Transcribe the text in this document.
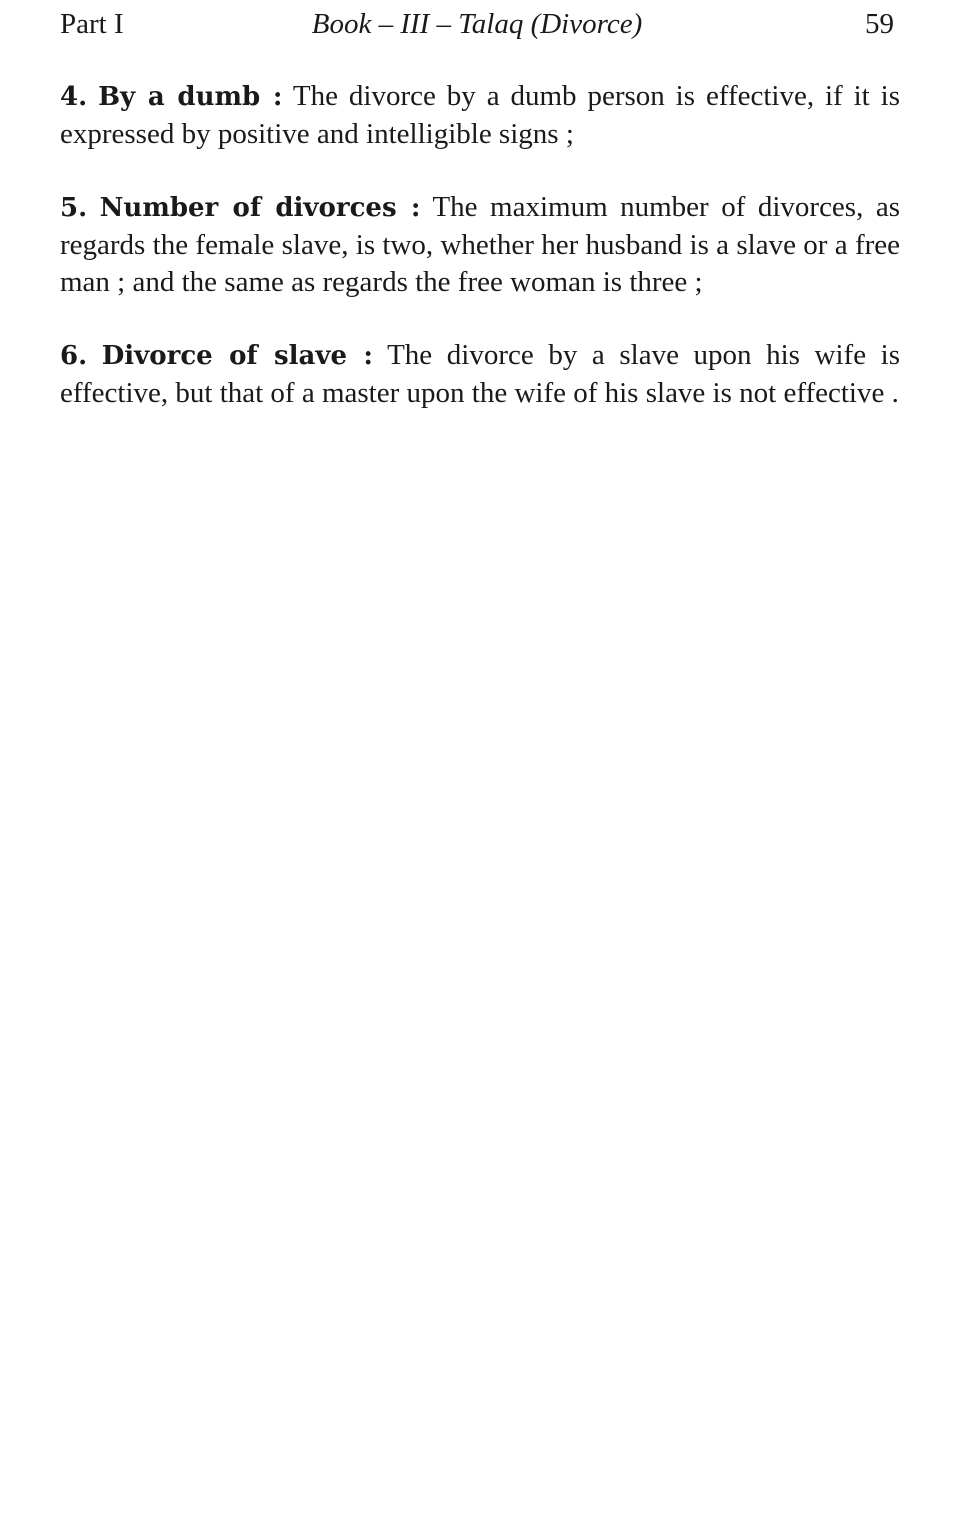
Part I	Book – III – Talaq (Divorce)	59

4. By a dumb : The divorce by a dumb person is effective, if it is expressed by positive and intelligible signs ;

5. Number of divorces : The maximum number of divorces, as regards the female slave, is two, whether her husband is a slave or a free man ; and the same as regards the free woman is three ;

6. Divorce of slave : The divorce by a slave upon his wife is effective, but that of a master upon the wife of his slave is not effective .
